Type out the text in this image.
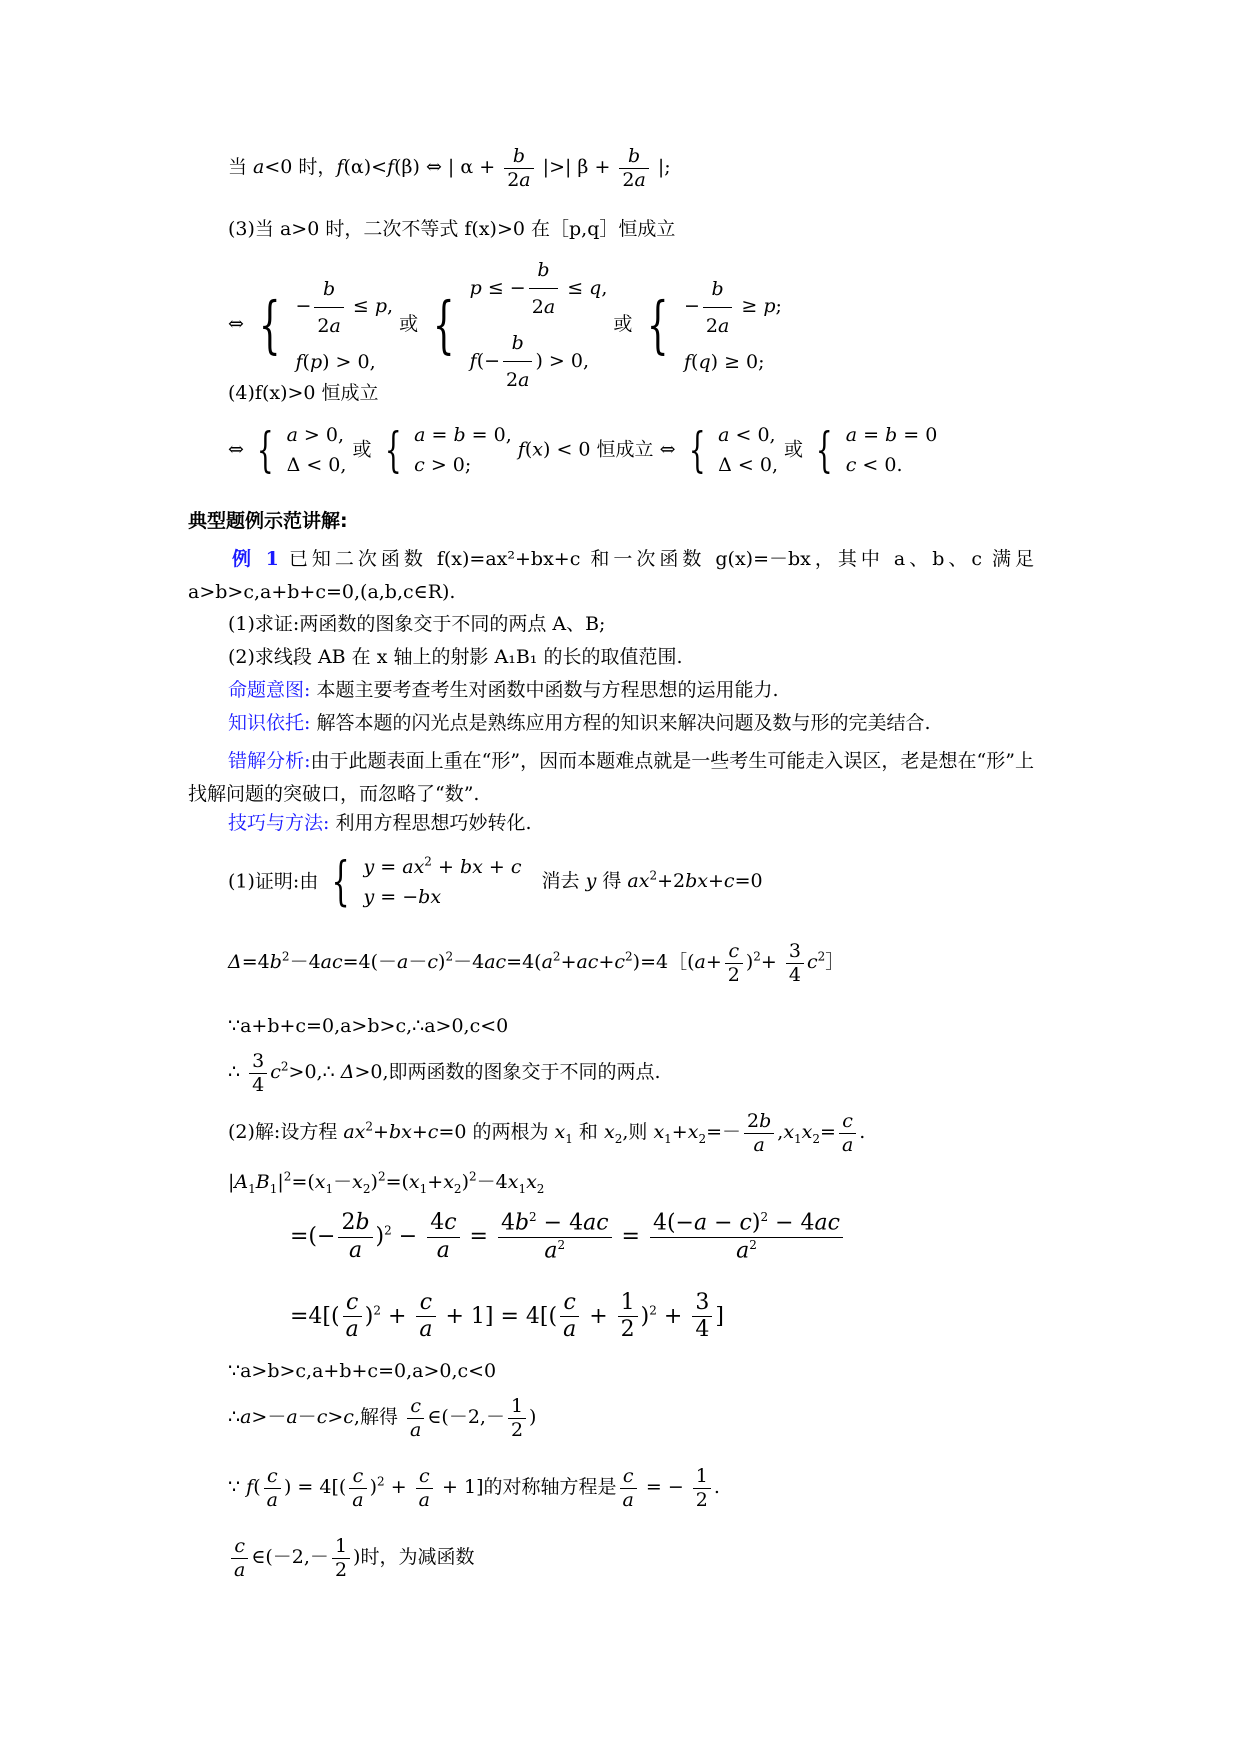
当 a<0 时，f(α)<f(β) ⇔ | $\alpha + \frac{b}{2a}$ |>| $\beta + \frac{b}{2a}$ |;
(3)当 a>0 时，二次不等式 f(x)>0 在［p,q］恒成立
⇔ { − $\frac{b}{2a} \le p$,
f(p) > 0, 或 { p ≤ − $\frac{b}{2a} \le q$,
$f(- \frac{b}{2a}$ ) > 0, 或 { − $\frac{b}{2a} \ge p$;
f(q) ≥ 0;
(4)f(x)>0 恒成立
⇔ { a > 0,
Δ < 0, 或 { a = b = 0,
c > 0; f(x) < 0 恒成立 ⇔ { a < 0,
Δ < 0, 或 { a = b = 0
c < 0.
典型题例示范讲解:
例 1 已知二次函数 f(x)=ax²+bx+c 和一次函数 g(x)=－bx，其中 a、b、c 满足 a>b>c,a+b+c=0,(a,b,c∈R).
(1)求证:两函数的图象交于不同的两点 A、B;
(2)求线段 AB 在 x 轴上的射影 A₁B₁ 的长的取值范围.
命题意图: 本题主要考查考生对函数中函数与方程思想的运用能力.
知识依托: 解答本题的闪光点是熟练应用方程的知识来解决问题及数与形的完美结合.
错解分析:由于此题表面上重在“形”，因而本题难点就是一些考生可能走入误区，老是想在“形”上找解问题的突破口，而忽略了“数”.
技巧与方法: 利用方程思想巧妙转化.
(1)证明:由 { $y = ax^2$ + bx + c
y = −bx 消去 y 得 $ax^2+2bx+c=0$
$\Delta=4b^2-4ac=4(-a-c)^2-4ac=4(a^2+ac+c^2)=4[(a+ \frac{c}{2} )^2+ \frac{3}{4}$ $c^2]$
∵a+b+c=0,a>b>c,∴a>0,c<0
∴ $\frac{3}{4}$ $c^2>0,\therefore$ Δ>0,即两函数的图象交于不同的两点.
(2)解:设方程 $ax^2+bx+c=0$ 的两根为 $x_1$ 和 $x_2$,则 $x_1+x_2=- \frac{2b}{a} ,x_1x_2= \frac{c}{a}$ .
$|A_1B_1|^2=(x_1-x_2)^2=(x_1+x_2)^2-4x_1x_2$
=(− $\frac{2b}{a} )^2 - \frac{4c}{a} = \frac{4b^2 - 4ac}{a^2} = \frac{4(-a - c)^2 - 4ac}{a^2}$
$=4[( \frac{c}{a} )^2 + \frac{c}{a} + 1] = 4[( \frac{c}{a} + \frac{1}{2} )^2 + \frac{3}{4}$ ]
∵a>b>c,a+b+c=0,a>0,c<0
∴a>－a－c>c,解得 $\frac{c}{a}$ ∈(－2,－ $\frac{1}{2}$ )
∵ $f( \frac{c}{a}$ ) = $4[( \frac{c}{a} )^2 + \frac{c}{a} + 1]$的对称轴方程是 $\frac{c}{a}$ = − $\frac{1}{2}$ .
$\frac{c}{a}$ ∈(－2,－ $\frac{1}{2}$ )时，为减函数
